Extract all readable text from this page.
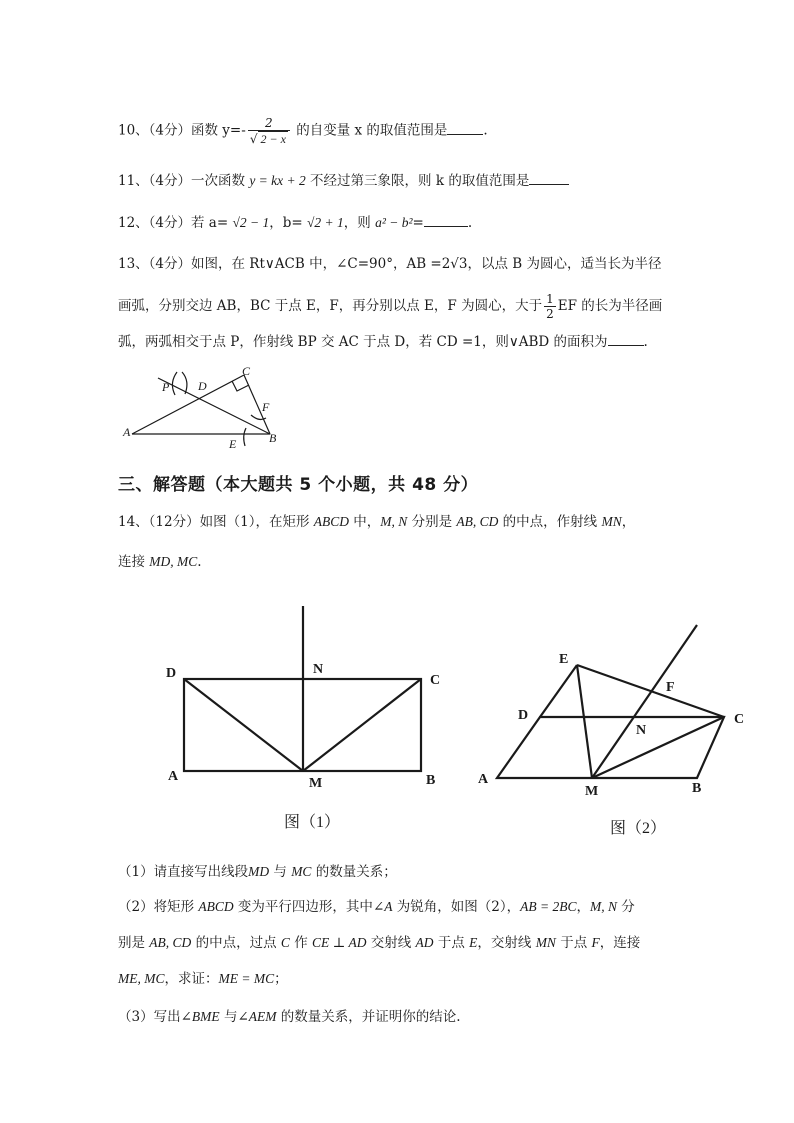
10、（4分）函数 $y=- \frac{2}{√ 2 - x}$ 的自变量 x 的取值范围是	.
11、（4分）一次函数 y = kx + 2 不经过第三象限，则 k 的取值范围是
12、（4分）若 a= √2 − 1，b= √2 + 1，则 a² − b²=	.
13、（4分）如图，在 Rt∨ACB 中，∠C=90°，AB =2√3，以点 B 为圆心，适当长为半径
画弧，分别交边 AB，BC 于点 E，F，再分别以点 E，F 为圆心，大于 $\frac{1}{2}$ EF 的长为半径画
弧，两弧相交于点 P，作射线 BP 交 AC 于点 D，若 CD =1，则∨ABD 的面积为	.
P D
C
F
A
E	B
三、解答题（本大题共 5 个小题，共 48 分）
14、（12分）如图（1），在矩形 ABCD 中，M, N 分别是 AB, CD 的中点，作射线 MN，
连接 MD, MC.
D	N
C
A	M	B
图（1）
E
F
D
N
C
A
M	B
图（2）
（1）请直接写出线段MD 与 MC 的数量关系；
（2）将矩形 ABCD 变为平行四边形，其中∠A 为锐角，如图（2），AB = 2BC，M, N 分
别是 AB, CD 的中点，过点 C 作 CE ⊥ AD 交射线 AD 于点 E，交射线 MN 于点 F，连接
ME, MC，求证：ME = MC；
（3）写出∠BME 与∠AEM 的数量关系，并证明你的结论.
